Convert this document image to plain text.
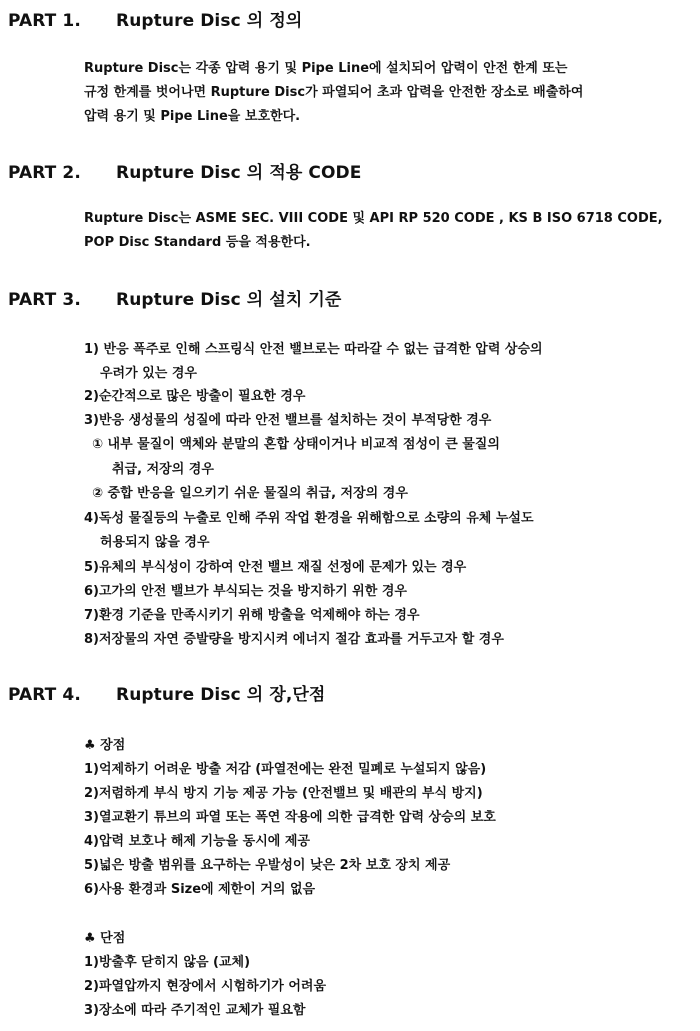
PART 1. Rupture Disc 의 정의
Rupture Disc는 각종 압력 용기 및 Pipe Line에 설치되어 압력이 안전 한계 또는
규정 한계를 벗어나면 Rupture Disc가 파열되어 초과 압력을 안전한 장소로 배출하여
압력 용기 및 Pipe Line을 보호한다.
PART 2. Rupture Disc 의 적용 CODE
Rupture Disc는 ASME SEC. VIII CODE 및 API RP 520 CODE , KS B ISO 6718 CODE,
POP Disc Standard 등을 적용한다.
PART 3. Rupture Disc 의 설치 기준
1) 반응 폭주로 인해 스프링식 안전 밸브로는 따라갈 수 없는 급격한 압력 상승의
우려가 있는 경우
2)순간적으로 많은 방출이 필요한 경우
3)반응 생성물의 성질에 따라 안전 밸브를 설치하는 것이 부적당한 경우
① 내부 물질이 액체와 분말의 혼합 상태이거나 비교적 점성이 큰 물질의
취급, 저장의 경우
② 중합 반응을 일으키기 쉬운 물질의 취급, 저장의 경우
4)독성 물질등의 누출로 인해 주위 작업 환경을 위해함으로 소량의 유체 누설도
허용되지 않을 경우
5)유체의 부식성이 강하여 안전 밸브 재질 선정에 문제가 있는 경우
6)고가의 안전 밸브가 부식되는 것을 방지하기 위한 경우
7)환경 기준을 만족시키기 위해 방출을 억제해야 하는 경우
8)저장물의 자연 증발량을 방지시켜 에너지 절감 효과를 거두고자 할 경우
PART 4. Rupture Disc 의 장,단점
♣ 장점
1)억제하기 어려운 방출 저감 (파열전에는 완전 밀폐로 누설되지 않음)
2)저렴하게 부식 방지 기능 제공 가능 (안전밸브 및 배관의 부식 방지)
3)열교환기 튜브의 파열 또는 폭연 작용에 의한 급격한 압력 상승의 보호
4)압력 보호나 해제 기능을 동시에 제공
5)넓은 방출 범위를 요구하는 우발성이 낮은 2차 보호 장치 제공
6)사용 환경과 Size에 제한이 거의 없음
♣ 단점
1)방출후 닫히지 않음 (교체)
2)파열압까지 현장에서 시험하기가 어려움
3)장소에 따라 주기적인 교체가 필요함
